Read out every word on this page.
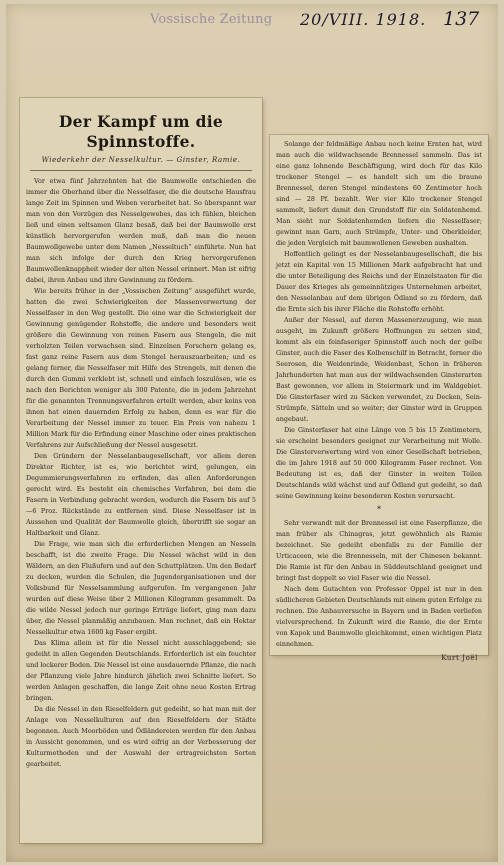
Vossische Zeitung 20/VIII. 1918. 137
Der Kampf um die Spinnstoffe.
Wiederkehr der Nesselkultur. — Ginster, Ramie.

Vor etwa fünf Jahrzehnten hat die Baumwolle entschieden die immer die Oberhand über die Nesselfaser, die die deutsche Hausfrau lange Zeit im Spinnen und Weben verarbeitet hat. So überspannt war man von den Vorzügen des Nesselgewebes, das ich fühlen, bleichen ließ und einen seltsamen Glanz besaß, daß bei der Baumwolle erst künstlich hervorgerufen werden muß, daß man die neuen Baumwollgewebe unter dem Namen „Nesseltuch“ einführte. Nun hat man sich infolge der durch den Krieg hervorgerufenen Baumwollenknappheit wieder der alten Nessel erinnert. Man ist eifrig dabei, ihren Anbau und ihre Gewinnung zu fördern.

Wie bereits früher in der „Vossischen Zeitung“ ausgeführt wurde, hatten die zwei Schwierigkeiten der Massenverwertung der Nesselfaser in den Weg gestellt. Die eine war die Schwierigkeit der Gewinnung genügender Rohstoffe, die andere und besonders weit größere die Gewinnung von reinen Fasern aus Stengeln, die mit verholzten Teilen verwachsen sind. Einzelnen Forschern gelang es, fast ganz reine Fasern aus dem Stengel herauszuarbeiten; und es gelang ferner, die Nesselfaser mit Hilfe des Strengels, mit denen die durch den Gummi verklebt ist, schnell und einfach loszulösen, wie es nach den Berichten weniger als 300 Patente, die in jedem Jahrzehnt für die genannten Trennungsverfahren erteilt werden, aber keins von ihnen hat einen dauernden Erfolg zu haben, denn es war für die Verarbeitung der Nessel immer zu teuer. Ein Preis von nahezu 1 Million Mark für die Erfindung einer Maschine oder eines praktischen Verfahrens zur Aufschließung der Nessel ausgesetzt.

Den Gründern der Nesselanbaugesellschaft, vor allem deren Direktor Richter, ist es, wie berichtet wird, gelungen, ein Degummierungsverfahren zu erfinden, das allen Anforderungen gerecht wird. Es besteht ein chemisches Verfahren, bei dem die Fasern in Verbindung gebracht werden, wodurch die Fasern bis auf 5—6 Proz. Rückstände zu entfernen sind. Diese Nesselfaser ist in Aussehen und Qualität der Baumwolle gleich, übertrifft sie sogar an Haltbarkeit und Glanz.

Die Frage, wie man sich die erforderlichen Mengen an Nesseln beschafft, ist die zweite Frage. Die Nessel wächst wild in den Wäldern, an den Flußufern und auf den Schuttplätzen. Um den Bedarf zu decken, wurden die Schulen, die Jugendorganisationen und der Volksbund für Nesselsammlung aufgerufen. Im vergangenen Jahr wurden auf diese Weise über 2 Millionen Kilogramm gesammelt. Da die wilde Nessel jedoch nur geringe Erträge liefert, ging man dazu über, die Nessel planmäßig anzubauen. Man rechnet, daß ein Hektar Nesselkultur etwa 1600 kg Faser ergibt.

Das Klima allein ist für die Nessel nicht ausschlaggebend; sie gedeiht in allen Gegenden Deutschlands. Erforderlich ist ein feuchter und lockerer Boden. Die Nessel ist eine ausdauernde Pflanze, die nach der Pflanzung viele Jahre hindurch jährlich zwei Schnitte liefert. So werden Anlagen geschaffen, die lange Zeit ohne neue Kosten Ertrag bringen.

Da die Nessel in den Rieselfeldern gut gedeiht, so hat man mit der Anlage von Nesselkulturen auf den Rieselfeldern der Städte begonnen. Auch Moorböden und Ödländereien werden für den Anbau in Aussicht genommen, und es wird eifrig an der Verbesserung der Kulturmethoden und der Auswahl der ertragreichsten Sorten gearbeitet.

Solange der feldmäßige Anbau noch keine Ernten hat, wird man auch die wildwachsende Brennessel sammeln. Das ist eine ganz lohnende Beschäftigung, wird doch für das Kilo trockener Stengel — es handelt sich um die braune Brennessel, deren Stengel mindestens 60 Zentimeter hoch sind — 28 Pf. bezahlt. Wer vier Kilo trockener Stengel sammelt, liefert damit den Grundstoff für ein Soldatenhemd. Man sieht nur Soldatenhemden liefern die Nesselfaser; gewinnt man Garn, auch Strümpfe, Unter- und Oberkleider, die jeden Vergleich mit baumwollenen Geweben aushalten.

Hoffentlich gelingt es der Nesselanbaugesellschaft, die bis jetzt ein Kapital von 15 Millionen Mark aufgebracht hat und die unter Beteiligung des Reichs und der Einzelstaaten für die Dauer des Krieges als gemeinnütziges Unternehmen arbeitet, den Nesselanbau auf dem übrigen Ödland so zu fördern, daß die Ernte sich bis ihrer Fläche die Rohstoffe erhöht.

Außer der Nessel, auf deren Massenerzeugung, wie man ausgeht, im Zukunft größere Hoffnungen zu setzen sind, kommt als ein feinfaseriger Spinnstoff auch noch der gelbe Ginster, auch die Faser des Kolbenschilf in Betracht, ferner die Seerosen, die Weidenrinde, Weidenbast, Schon in früheren Jahrhunderten hat man aus der wildwachsenden Ginsterarten Bast gewonnen, vor allem in Steiermark und im Waldgebiet. Die Ginsterfaser wird zu Säcken verwendet, zu Decken, Sein-Strümpfe, Sätteln und so weiter; der Ginster wird in Gruppen angebaut.

Die Ginsterfaser hat eine Länge von 5 bis 15 Zentimetern, sie erscheint besonders geeignet zur Verarbeitung mit Wolle. Die Ginsterverwertung wird von einer Gesellschaft betrieben, die im Jahre 1918 auf 50 000 Kilogramm Faser rechnet. Von Bedeutung ist es, daß der Ginster in weiten Teilen Deutschlands wild wächst und auf Ödland gut gedeiht, so daß seine Gewinnung keine besonderen Kosten verursacht.

*

Sehr verwandt mit der Brennessel ist eine Faserpflanze, die man früher als Chinagras, jetzt gewöhnlich als Ramie bezeichnet. Sie gedeiht ebenfalls zu der Familie der Urticaceen, wie die Brennesseln, mit der Chinesen bekannt. Die Ramie ist für den Anbau in Süddeutschland geeignet und bringt fast doppelt so viel Faser wie die Nessel.

Nach dem Gutachten von Professor Oppel ist nur in den südlicheren Gebieten Deutschlands mit einem guten Erfolge zu rechnen. Die Anbauversuche in Bayern und in Baden verliefen vielversprechend. In Zukunft wird die Ramie, die der Ernte von Kapok und Baumwolle gleichkommt, einen wichtigen Platz einnehmen.

Kurt Joël
